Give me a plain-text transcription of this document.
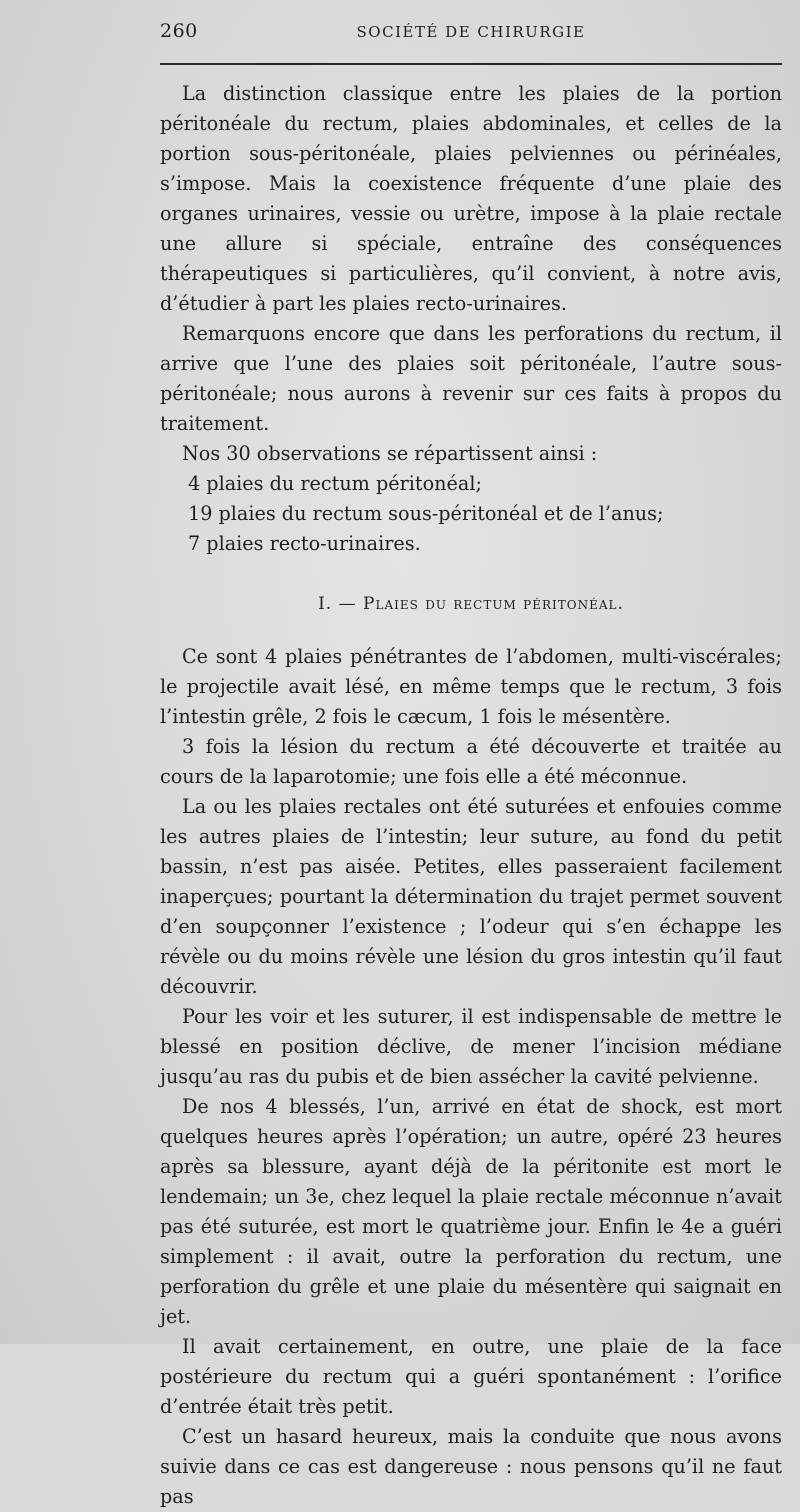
260	SOCIÉTÉ DE CHIRURGIE

La distinction classique entre les plaies de la portion péritonéale du rectum, plaies abdominales, et celles de la portion sous-péritonéale, plaies pelviennes ou périnéales, s’impose. Mais la coexistence fréquente d’une plaie des organes urinaires, vessie ou urètre, impose à la plaie rectale une allure si spéciale, entraîne des conséquences thérapeutiques si particulières, qu’il convient, à notre avis, d’étudier à part les plaies recto-urinaires.

Remarquons encore que dans les perforations du rectum, il arrive que l’une des plaies soit péritonéale, l’autre sous-péritonéale; nous aurons à revenir sur ces faits à propos du traitement.

Nos 30 observations se répartissent ainsi :

4 plaies du rectum péritonéal;
19 plaies du rectum sous-péritonéal et de l’anus;
7 plaies recto-urinaires.
I. — Plaies du rectum péritonéal.

Ce sont 4 plaies pénétrantes de l’abdomen, multi-viscérales; le projectile avait lésé, en même temps que le rectum, 3 fois l’intestin grêle, 2 fois le cæcum, 1 fois le mésentère.

3 fois la lésion du rectum a été découverte et traitée au cours de la laparotomie; une fois elle a été méconnue.

La ou les plaies rectales ont été suturées et enfouies comme les autres plaies de l’intestin; leur suture, au fond du petit bassin, n’est pas aisée. Petites, elles passeraient facilement inaperçues; pourtant la détermination du trajet permet souvent d’en soupçonner l’existence ; l’odeur qui s’en échappe les révèle ou du moins révèle une lésion du gros intestin qu’il faut découvrir.

Pour les voir et les suturer, il est indispensable de mettre le blessé en position déclive, de mener l’incision médiane jusqu’au ras du pubis et de bien assécher la cavité pelvienne.

De nos 4 blessés, l’un, arrivé en état de shock, est mort quelques heures après l’opération; un autre, opéré 23 heures après sa blessure, ayant déjà de la péritonite est mort le lendemain; un 3e, chez lequel la plaie rectale méconnue n’avait pas été suturée, est mort le quatrième jour. Enfin le 4e a guéri simplement : il avait, outre la perforation du rectum, une perforation du grêle et une plaie du mésentère qui saignait en jet.

Il avait certainement, en outre, une plaie de la face postérieure du rectum qui a guéri spontanément : l’orifice d’entrée était très petit.

C’est un hasard heureux, mais la conduite que nous avons suivie dans ce cas est dangereuse : nous pensons qu’il ne faut pas
